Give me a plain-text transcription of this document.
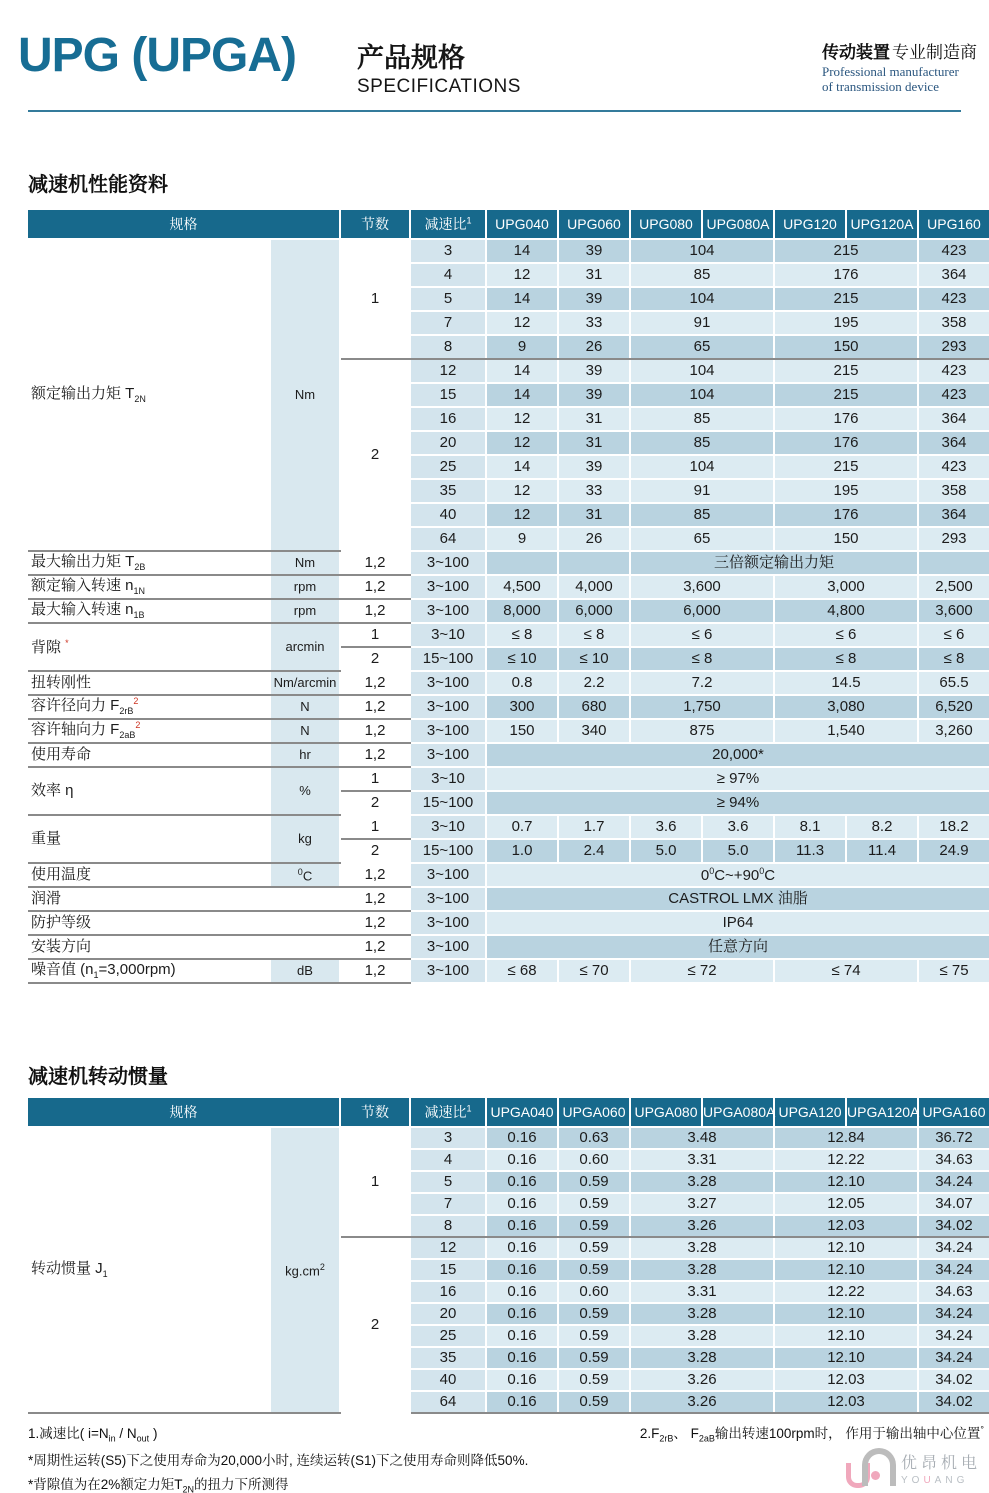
UPG (UPGA) 产品规格
SPECIFICATIONS
传动装置 专业制造商
Professional manufacturer
of transmission device
减速机性能资料
规格		节数	减速比$^1$	UPG040	UPG060	UPG080	UPG080A	UPG120	UPG120A	UPG160
额定输出力矩 $T_{2N}$	Nm	1	3	14	39	104		215		423
			4	12	31	85		176		364
			5	14	39	104		215		423
			7	12	33	91		195		358
			8	9	26	65		150		293
		2	12	14	39	104		215		423
			15	14	39	104		215		423
			16	12	31	85		176		364
			20	12	31	85		176		364
			25	14	39	104		215		423
			35	12	33	91		195		358
			40	12	31	85		176		364
			64	9	26	65		150		293
最大输出力矩 $T_{2B}$	Nm	1,2	3~100			三倍额定输出力矩				
额定输入转速 $n_{1N}$	rpm	1,2	3~100	4,500	4,000	3,600		3,000		2,500
最大输入转速 $n_{1B}$	rpm	1,2	3~100	8,000	6,000	6,000		4,800		3,600
背隙 *	arcmin	1	3~10	≤ 8	≤ 8	≤ 6		≤ 6		≤ 6
		2	15~100	≤ 10	≤ 10	≤ 8		≤ 8		≤ 8
扭转刚性	Nm/arcmin	1,2	3~100	0.8	2.2	7.2		14.5		65.5
容许径向力 $F_{2rB}^2$	N	1,2	3~100	300	680	1,750		3,080		6,520
容许轴向力 $F_{2aB}^2$	N	1,2	3~100	150	340	875		1,540		3,260
使用寿命	hr	1,2	3~100	20,000*						
效率 η	%	1	3~10	≥ 97%						
		2	15~100	≥ 94%						
重量	kg	1	3~10	0.7	1.7	3.6	3.6	8.1	8.2	18.2
		2	15~100	1.0	2.4	5.0	5.0	11.3	11.4	24.9
使用温度	$^0$C	1,2	3~100	$0^0C\sim+90^0C$						
润滑		1,2	3~100	CASTROL LMX 油脂						
防护等级		1,2	3~100	IP64						
安装方向		1,2	3~100	任意方向						
噪音值 $(n_1=3,000rpm)$	dB	1,2	3~100	≤ 68	≤ 70	≤ 72		≤ 74		≤ 75
减速机转动惯量
规格		节数	减速比$^1$	UPGA040	UPGA060	UPGA080	UPGA080A	UPGA120	UPGA120A	UPGA160
转动惯量 $J_1$	$kg.cm^2$	1	3	0.16	0.63	3.48		12.84		36.72
			4	0.16	0.60	3.31		12.22		34.63
			5	0.16	0.59	3.28		12.10		34.24
			7	0.16	0.59	3.27		12.05		34.07
			8	0.16	0.59	3.26		12.03		34.02
		2	12	0.16	0.59	3.28		12.10		34.24
			15	0.16	0.59	3.28		12.10		34.24
			16	0.16	0.60	3.31		12.22		34.63
			20	0.16	0.59	3.28		12.10		34.24
			25	0.16	0.59	3.28		12.10		34.24
			35	0.16	0.59	3.28		12.10		34.24
			40	0.16	0.59	3.26		12.03		34.02
			64	0.16	0.59	3.26		12.03		34.02
1.减速比( $i=N_{in} / N_{out}$ )	$2.F_{2rB}$、 $F_{2aB}$输出转速100rpm时， 作用于输出轴中心位置°
*周期性运转(S5)下之使用寿命为20,000小时, 连续运转(S1)下之使用寿命则降低50%.
*背隙值为在2%额定力矩$T_{2N}$的扭力下所测得
优昂机电
YOUANG
